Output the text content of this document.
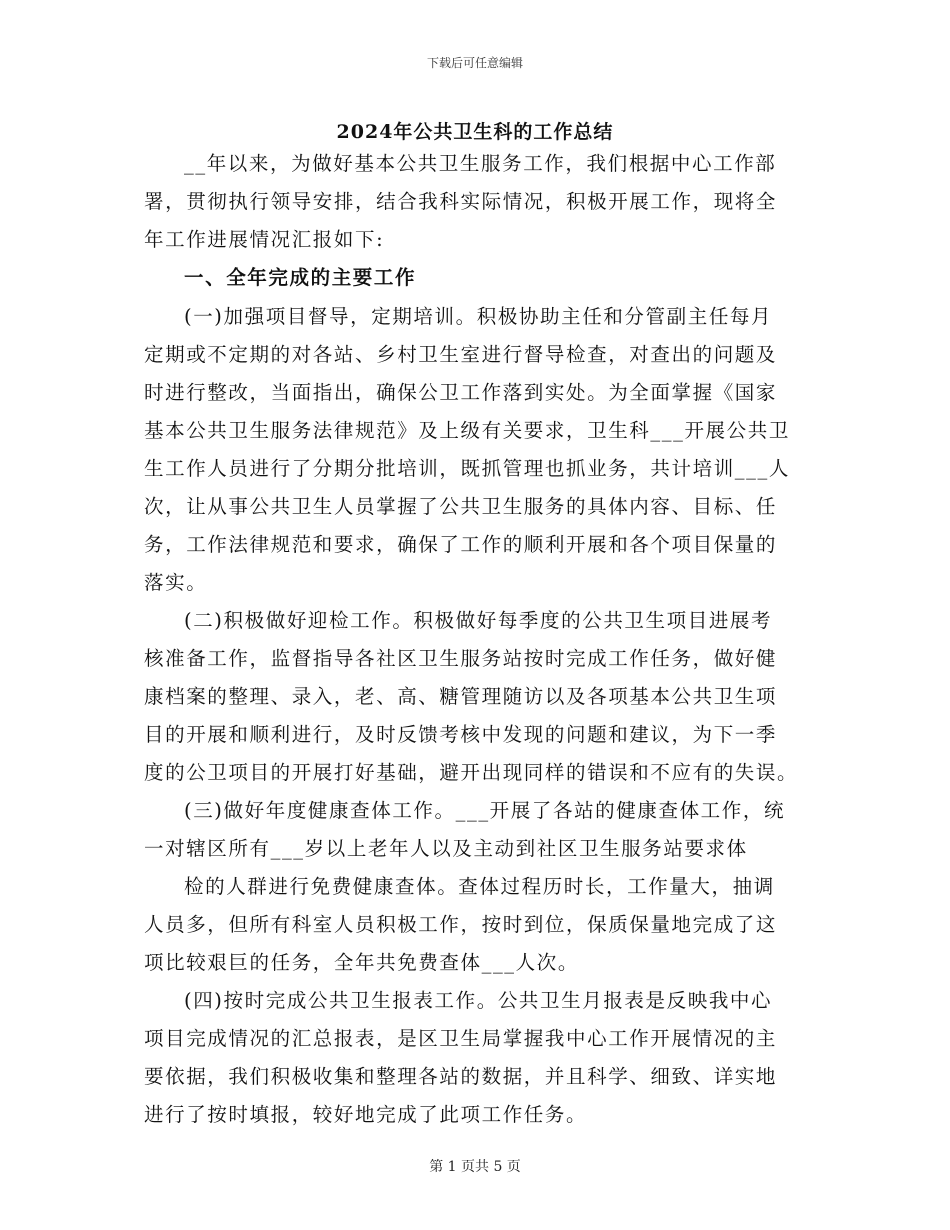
下载后可任意编辑
2024年公共卫生科的工作总结
__年以来，为做好基本公共卫生服务工作，我们根据中心工作部
署，贯彻执行领导安排，结合我科实际情况，积极开展工作，现将全
年工作进展情况汇报如下:
一、全年完成的主要工作
(一)加强项目督导，定期培训。积极协助主任和分管副主任每月
定期或不定期的对各站、乡村卫生室进行督导检查，对查出的问题及
时进行整改，当面指出，确保公卫工作落到实处。为全面掌握《国家
基本公共卫生服务法律规范》及上级有关要求，卫生科___开展公共卫
生工作人员进行了分期分批培训，既抓管理也抓业务，共计培训___人
次，让从事公共卫生人员掌握了公共卫生服务的具体内容、目标、任
务，工作法律规范和要求，确保了工作的顺利开展和各个项目保量的
落实。
(二)积极做好迎检工作。积极做好每季度的公共卫生项目进展考
核准备工作，监督指导各社区卫生服务站按时完成工作任务，做好健
康档案的整理、录入，老、高、糖管理随访以及各项基本公共卫生项
目的开展和顺利进行，及时反馈考核中发现的问题和建议，为下一季
度的公卫项目的开展打好基础，避开出现同样的错误和不应有的失误。
(三)做好年度健康查体工作。___开展了各站的健康查体工作，统
一对辖区所有___岁以上老年人以及主动到社区卫生服务站要求体
检的人群进行免费健康查体。查体过程历时长，工作量大，抽调
人员多，但所有科室人员积极工作，按时到位，保质保量地完成了这
项比较艰巨的任务，全年共免费查体___人次。
(四)按时完成公共卫生报表工作。公共卫生月报表是反映我中心
项目完成情况的汇总报表，是区卫生局掌握我中心工作开展情况的主
要依据，我们积极收集和整理各站的数据，并且科学、细致、详实地
进行了按时填报，较好地完成了此项工作任务。
第 1 页共 5 页
